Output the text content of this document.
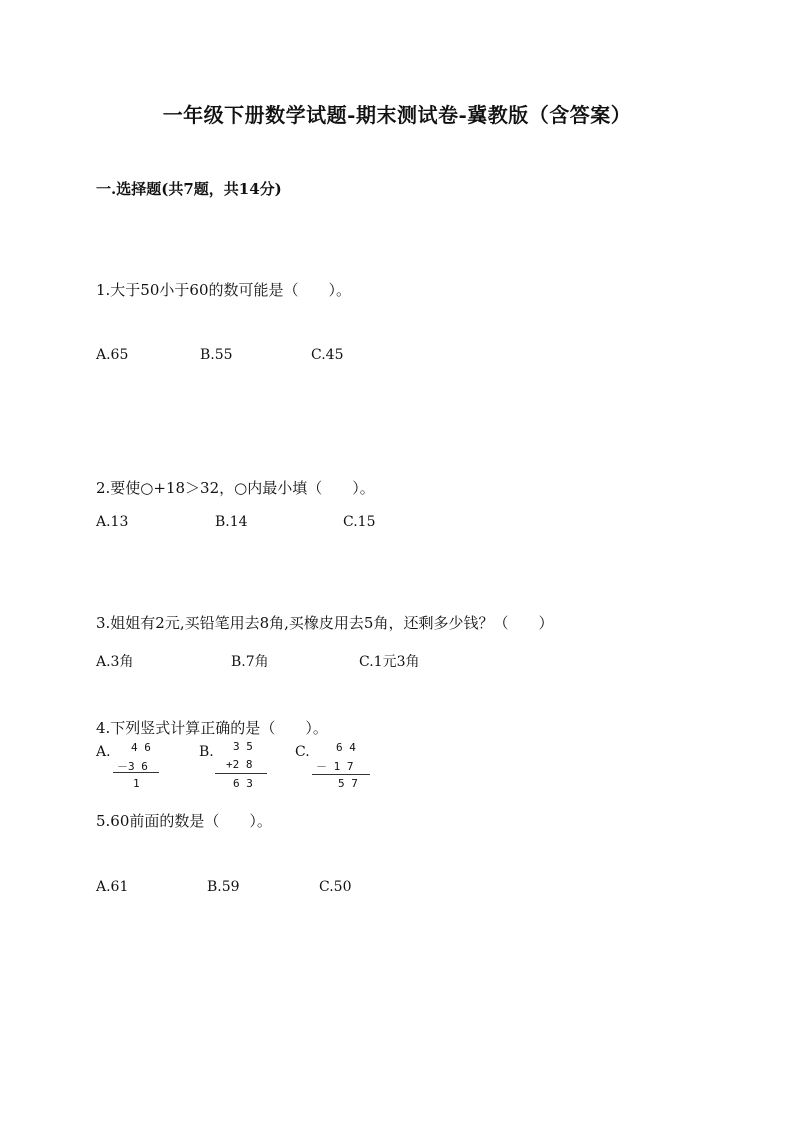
一年级下册数学试题-期末测试卷-冀教版（含答案）
一.选择题(共7题，共14分)
1.大于50小于60的数可能是（　　）。
A.65	B.55	C.45
2.要使○+18＞32，○内最小填（　　）。
A.13	B.14	C.15
3.姐姐有2元,买铅笔用去8角,买橡皮用去5角，还剩多少钱？（　　）
A.3角	B.7角	C.1元3角
4.下列竖式计算正确的是（　　）。
A. 4 6
－3 6
1
B. 3 5
+2 8
6 3
C. 6 4
－ 1 7
5 7
5.60前面的数是（　　）。
A.61	B.59	C.50
